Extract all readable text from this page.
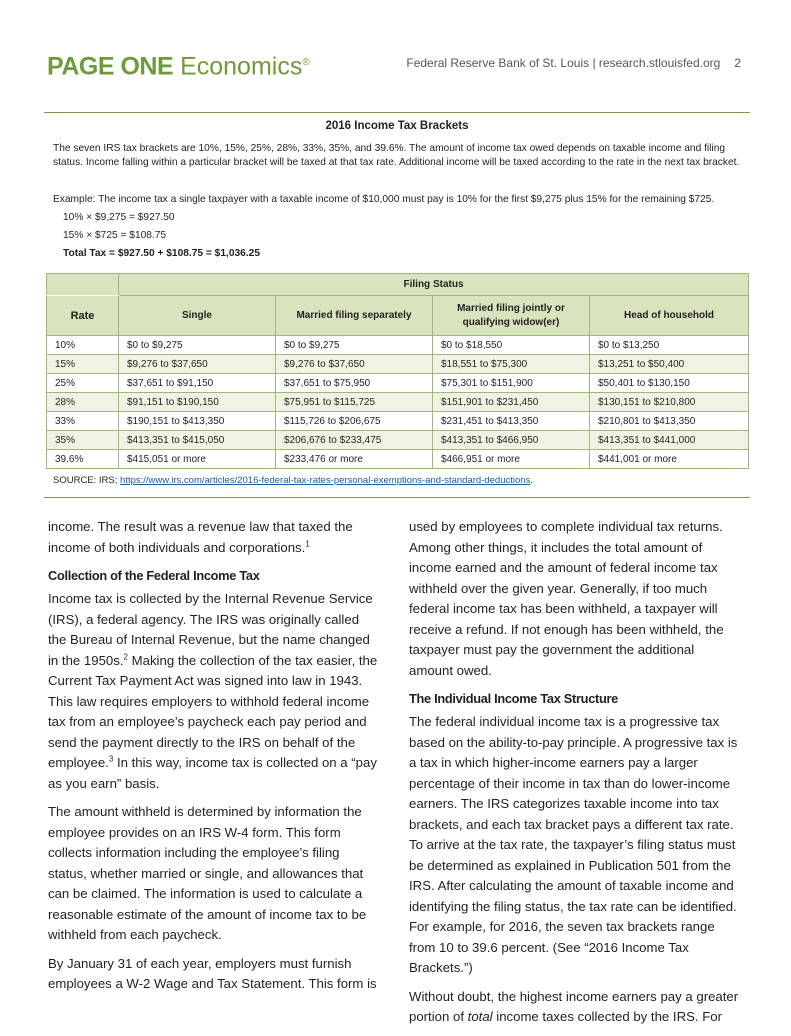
PAGE ONE Economics®	Federal Reserve Bank of St. Louis | research.stlouisfed.org 2
2016 Income Tax Brackets

The seven IRS tax brackets are 10%, 15%, 25%, 28%, 33%, 35%, and 39.6%. The amount of income tax owed depends on taxable income and filing status. Income falling within a particular bracket will be taxed at that tax rate. Additional income will be taxed according to the rate in the next tax bracket.

Example: The income tax a single taxpayer with a taxable income of $10,000 must pay is 10% for the first $9,275 plus 15% for the remaining $725.

10% × $9,275 = $927.50
15% × $725 = $108.75
Total Tax = $927.50 + $108.75 = $1,036.25
	Filing Status			
Rate	Single	Married filing separately	Married filing jointly or qualifying widow(er)	Head of household
10%	$0 to $9,275	$0 to $9,275	$0 to $18,550	$0 to $13,250
15%	$9,276 to $37,650	$9,276 to $37,650	$18,551 to $75,300	$13,251 to $50,400
25%	$37,651 to $91,150	$37,651 to $75,950	$75,301 to $151,900	$50,401 to $130,150
28%	$91,151 to $190,150	$75,951 to $115,725	$151,901 to $231,450	$130,151 to $210,800
33%	$190,151 to $413,350	$115,726 to $206,675	$231,451 to $413,350	$210,801 to $413,350
35%	$413,351 to $415,050	$206,676 to $233,475	$413,351 to $466,950	$413,351 to $441,000
39.6%	$415,051 or more	$233,476 or more	$466,951 or more	$441,001 or more
SOURCE: IRS; https://www.irs.com/articles/2016-federal-tax-rates-personal-exemptions-and-standard-deductions.

income. The result was a revenue law that taxed the income of both individuals and corporations.$^1$

Collection of the Federal Income Tax

Income tax is collected by the Internal Revenue Service (IRS), a federal agency. The IRS was originally called the Bureau of Internal Revenue, but the name changed in the 1950s.$^2$ Making the collection of the tax easier, the Current Tax Payment Act was signed into law in 1943. This law requires employers to withhold federal income tax from an employee’s paycheck each pay period and send the payment directly to the IRS on behalf of the employee.$^3$ In this way, income tax is collected on a “pay as you earn” basis.

The amount withheld is determined by information the employee provides on an IRS W-4 form. This form collects information including the employee’s filing status, whether married or single, and allowances that can be claimed. The information is used to calculate a reasonable estimate of the amount of income tax to be withheld from each paycheck.

By January 31 of each year, employers must furnish employees a W-2 Wage and Tax Statement. This form is

used by employees to complete individual tax returns. Among other things, it includes the total amount of income earned and the amount of federal income tax withheld over the given year. Generally, if too much federal income tax has been withheld, a taxpayer will receive a refund. If not enough has been withheld, the taxpayer must pay the government the additional amount owed.

The Individual Income Tax Structure

The federal individual income tax is a progressive tax based on the ability-to-pay principle. A progressive tax is a tax in which higher-income earners pay a larger percentage of their income in tax than do lower-income earners. The IRS categorizes taxable income into tax brackets, and each tax bracket pays a different tax rate. To arrive at the tax rate, the taxpayer’s filing status must be determined as explained in Publication 501 from the IRS. After calculating the amount of taxable income and identifying the filing status, the tax rate can be identified. For example, for 2016, the seven tax brackets range from 10 to 39.6 percent. (See “2016 Income Tax Brackets.”)

Without doubt, the highest income earners pay a greater portion of total income taxes collected by the IRS. For
